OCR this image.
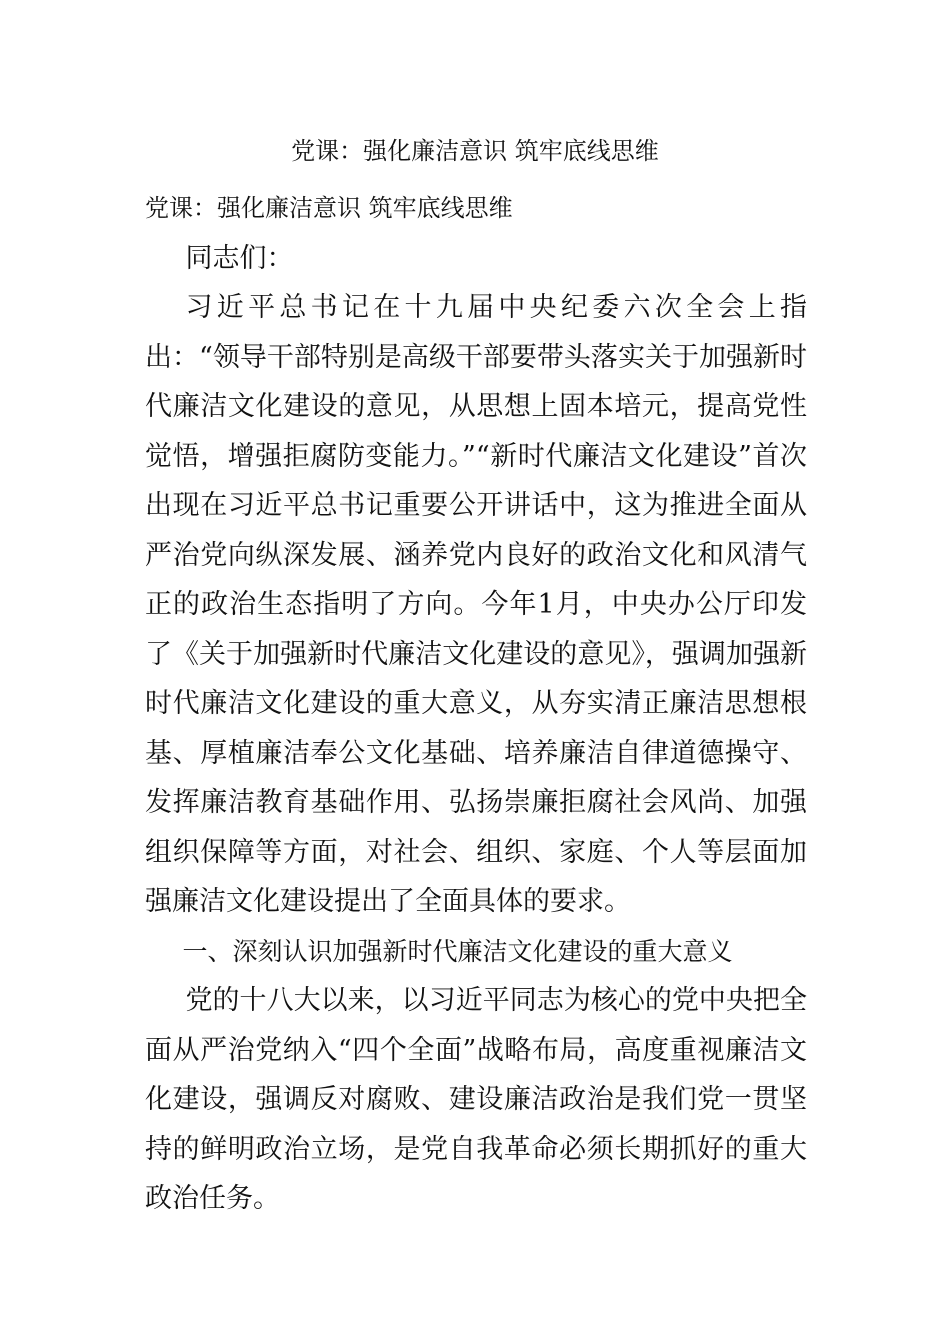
党课：强化廉洁意识 筑牢底线思维

党课：强化廉洁意识 筑牢底线思维

同志们：

习近平总书记在十九届中央纪委六次全会上指出：“领导干部特别是高级干部要带头落实关于加强新时代廉洁文化建设的意见，从思想上固本培元，提高党性觉悟，增强拒腐防变能力。”“新时代廉洁文化建设”首次出现在习近平总书记重要公开讲话中，这为推进全面从严治党向纵深发展、涵养党内良好的政治文化和风清气正的政治生态指明了方向。今年1月，中央办公厅印发了《关于加强新时代廉洁文化建设的意见》，强调加强新时代廉洁文化建设的重大意义，从夯实清正廉洁思想根基、厚植廉洁奉公文化基础、培养廉洁自律道德操守、发挥廉洁教育基础作用、弘扬崇廉拒腐社会风尚、加强组织保障等方面，对社会、组织、家庭、个人等层面加强廉洁文化建设提出了全面具体的要求。

一、深刻认识加强新时代廉洁文化建设的重大意义

党的十八大以来，以习近平同志为核心的党中央把全面从严治党纳入“四个全面”战略布局，高度重视廉洁文化建设，强调反对腐败、建设廉洁政治是我们党一贯坚持的鲜明政治立场，是党自我革命必须长期抓好的重大政治任务。
